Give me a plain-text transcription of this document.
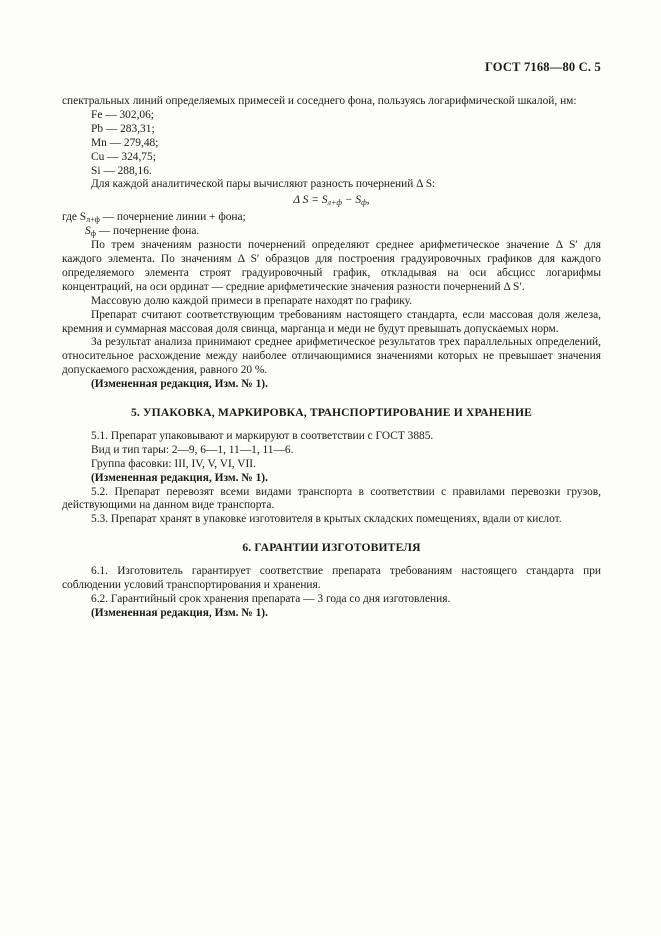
ГОСТ 7168—80 С. 5

спектральных линий определяемых примесей и соседнего фона, пользуясь логарифмической шкалой, нм:

Fe — 302,06;

Pb — 283,31;

Mn — 279,48;

Cu — 324,75;

Si — 288,16.

Для каждой аналитической пары вычисляют разность почернений Δ S:

Δ $S = S_{л+ф} - S_ф$,

где $S_{л+ф}$ — почернение линии + фона;

$S_ф$ — почернение фона.

По трем значениям разности почернений определяют среднее арифметическое значение Δ S′ для каждого элемента. По значениям Δ S′ образцов для построения градуировочных графиков для каждого определяемого элемента строят градуировочный график, откладывая на оси абсцисс логарифмы концентраций, на оси ординат — средние арифметические значения разности почернений Δ S′.

Массовую долю каждой примеси в препарате находят по графику.

Препарат считают соответствующим требованиям настоящего стандарта, если массовая доля железа, кремния и суммарная массовая доля свинца, марганца и меди не будут превышать допускаемых норм.

За результат анализа принимают среднее арифметическое результатов трех параллельных определений, относительное расхождение между наиболее отличающимися значениями которых не превышает значения допускаемого расхождения, равного 20 %.

(Измененная редакция, Изм. № 1).

5. УПАКОВКА, МАРКИРОВКА, ТРАНСПОРТИРОВАНИЕ И ХРАНЕНИЕ

5.1. Препарат упаковывают и маркируют в соответствии с ГОСТ 3885.

Вид и тип тары: 2—9, 6—1, 11—1, 11—6.

Группа фасовки: III, IV, V, VI, VII.

(Измененная редакция, Изм. № 1).

5.2. Препарат перевозят всеми видами транспорта в соответствии с правилами перевозки грузов, действующими на данном виде транспорта.

5.3. Препарат хранят в упаковке изготовителя в крытых складских помещениях, вдали от кислот.

6. ГАРАНТИИ ИЗГОТОВИТЕЛЯ

6.1. Изготовитель гарантирует соответствие препарата требованиям настоящего стандарта при соблюдении условий транспортирования и хранения.

6.2. Гарантийный срок хранения препарата — 3 года со дня изготовления.

(Измененная редакция, Изм. № 1).
